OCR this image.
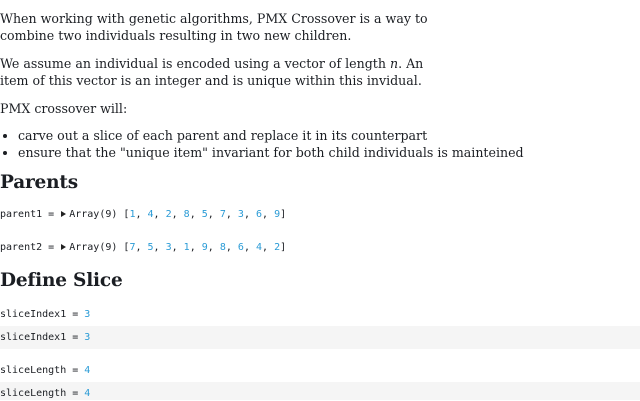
When working with genetic algorithms, PMX Crossover is a way to combine two individuals resulting in two new children.

We assume an individual is encoded using a vector of length n. An item of this vector is an integer and is unique within this invidual.

PMX crossover will:

• carve out a slice of each parent and replace it in its counterpart
• ensure that the "unique item" invariant for both child individuals is mainteined
Parents
parent1 = Array(9) [1, 4, 2, 8, 5, 7, 3, 6, 9]
parent2 = Array(9) [7, 5, 3, 1, 9, 8, 6, 4, 2]
Define Slice
sliceIndex1 = 3
sliceIndex1 = 3
sliceLength = 4
sliceLength = 4
